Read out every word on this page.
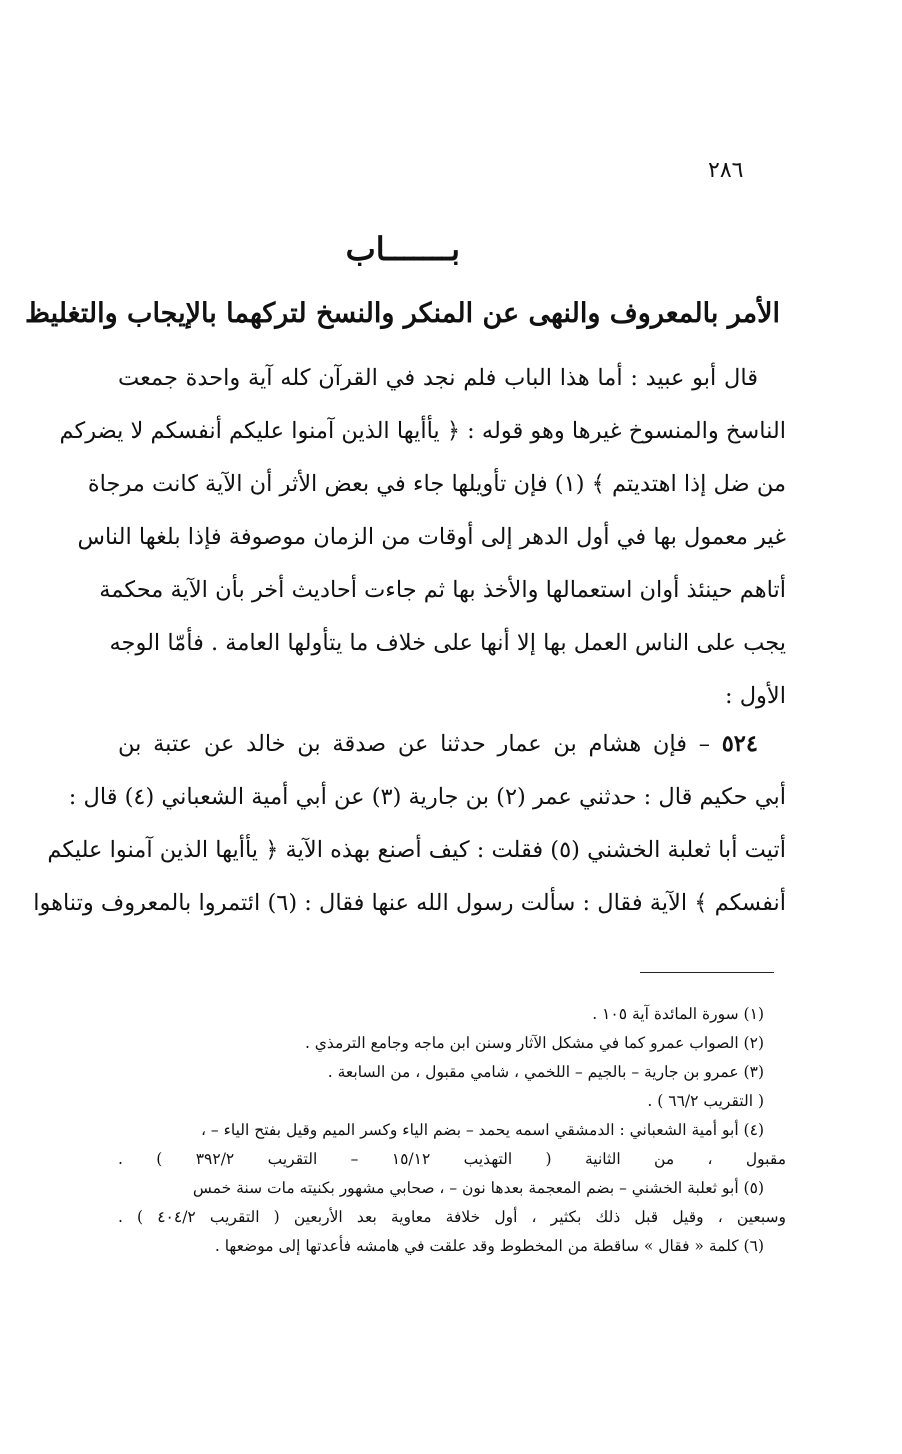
٢٨٦
بـــــــاب
الأمر بالمعروف والنهى عن المنكر والنسخ لتركهما بالإيجاب والتغليظ
قال أبو عبيد : أما هذا الباب فلم نجد في القرآن كله آية واحدة جمعت
الناسخ والمنسوخ غيرها وهو قوله : ﴿ يأأيها الذين آمنوا عليكم أنفسكم لا يضركم
من ضل إذا اهتديتم ﴾ (١) فإن تأويلها جاء في بعض الأثر أن الآية كانت مرجاة
غير معمول بها في أول الدهر إلى أوقات من الزمان موصوفة فإذا بلغها الناس
أتاهم حينئذ أوان استعمالها والأخذ بها ثم جاءت أحاديث أخر بأن الآية محكمة
يجب على الناس العمل بها إلا أنها على خلاف ما يتأولها العامة . فأمّا الوجه
الأول :
٥٢٤ – فإن هشام بن عمار حدثنا عن صدقة بن خالد عن عتبة بن
أبي حكيم قال : حدثني عمر (٢) بن جارية (٣) عن أبي أمية الشعباني (٤) قال :
أتيت أبا ثعلبة الخشني (٥) فقلت : كيف أصنع بهذه الآية ﴿ يأأيها الذين آمنوا عليكم
أنفسكم ﴾ الآية فقال : سألت رسول الله عنها فقال : (٦) ائتمروا بالمعروف وتناهوا
(١) سورة المائدة آية ١٠٥ .
(٢) الصواب عمرو كما في مشكل الآثار وسنن ابن ماجه وجامع الترمذي .
(٣) عمرو بن جارية – بالجيم – اللخمي ، شامي مقبول ، من السابعة .
( التقريب ٦٦/٢ ) .
(٤) أبو أمية الشعباني : الدمشقي اسمه يحمد – بضم الياء وكسر الميم وقيل بفتح الياء – ،
مقبول ، من الثانية ( التهذيب ١٥/١٢ – التقريب ٣٩٢/٢ ) .
(٥) أبو ثعلبة الخشني – بضم المعجمة بعدها نون – ، صحابي مشهور بكنيته مات سنة خمس
وسبعين ، وقيل قبل ذلك بكثير ، أول خلافة معاوية بعد الأربعين ( التقريب ٤٠٤/٢ ) .
(٦) كلمة « فقال » ساقطة من المخطوط وقد علقت في هامشه فأعدتها إلى موضعها .
